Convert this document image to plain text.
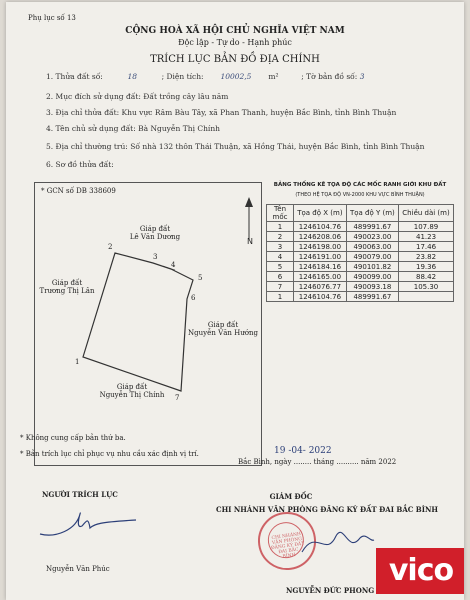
Phụ lục số 13
CỘNG HOÀ XÃ HỘI CHỦ NGHĨA VIỆT NAM
Độc lập - Tự do - Hạnh phúc
TRÍCH LỤC BẢN ĐỒ ĐỊA CHÍNH
1. Thửa đất số:	18	; Diện tích: 10002,5 m²	; Tờ bản đồ số: 3
2. Mục đích sử dụng đất: Đất trồng cây lâu năm
3. Địa chỉ thửa đất: Khu vực Râm Bàu Tây, xã Phan Thanh, huyện Bắc Bình, tỉnh Bình Thuận
4. Tên chủ sử dụng đất: Bà Nguyễn Thị Chính
5. Địa chỉ thường trú: Số nhà 132 thôn Thái Thuận, xã Hồng Thái, huyện Bắc Bình, tỉnh Bình Thuận
6. Sơ đồ thửa đất:
* GCN số DB 338609
N
1
2
3
4
5
6
7
Giáp đất
Lê Văn Dương
Giáp đất
Trương Thị Lân
Giáp đất
Nguyễn Văn Hướng
Giáp đất
Nguyễn Thị Chính
BẢNG THỐNG KÊ TỌA ĐỘ CÁC MỐC RANH GIỚI KHU ĐẤT
(THEO HỆ TỌA ĐỘ VN-2000 KHU VỰC BÌNH THUẬN)
Tên mốc	Tọa độ X (m)	Tọa độ Y (m)	Chiều dài (m)
1	1246104.76	489991.67	107.89
2	1246208.06	490023.00	41.23
3	1246198.00	490063.00	17.46
4	1246191.00	490079.00	23.82
5	1246184.16	490101.82	19.36
6	1246165.00	490099.00	88.42
7	1246076.77	490093.18	105.30
1	1246104.76	489991.67	
* Không cung cấp bản thứ ba.
* Bản trích lục chỉ phục vụ nhu cầu xác định vị trí.	19 -04- 2022
Bắc Bình, ngày ........ tháng .......... năm 2022
NGƯỜI TRÍCH LỤC
Nguyễn Văn Phúc
GIÁM ĐỐC
CHI NHÁNH VĂN PHÒNG ĐĂNG KÝ ĐẤT ĐAI BẮC BÌNH
CHI NHÁNH VĂN PHÒNG ĐĂNG KÝ ĐẤT ĐAI BẮC BÌNH
NGUYỄN ĐỨC PHONG
vico
